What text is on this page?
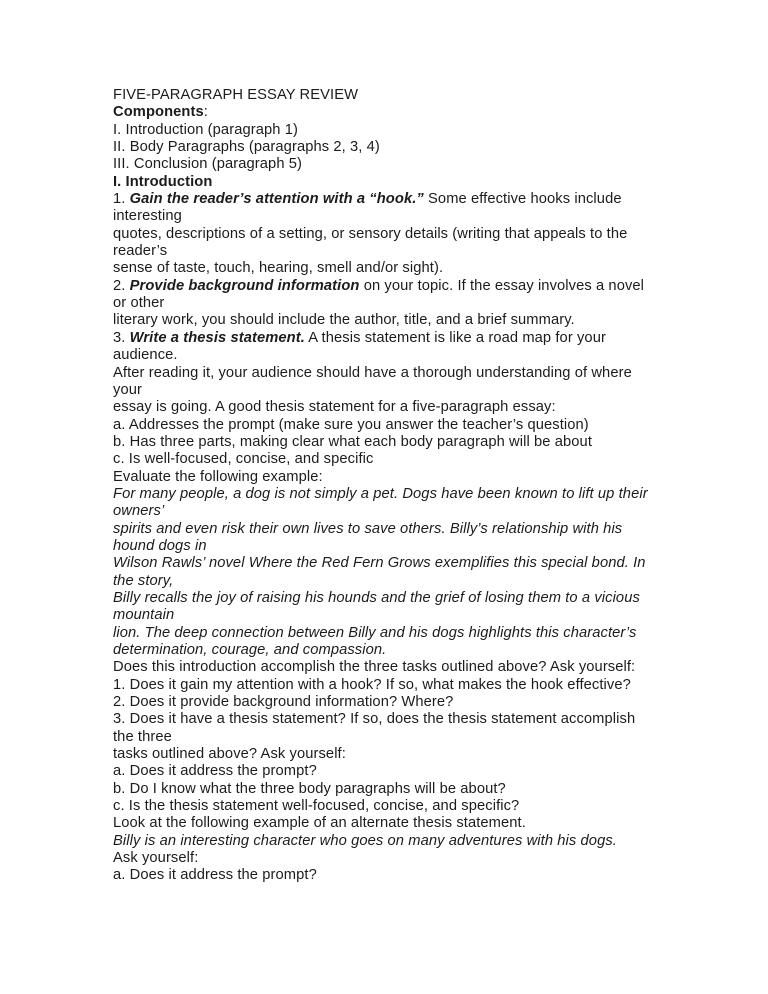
FIVE-PARAGRAPH ESSAY REVIEW
Components:
I. Introduction (paragraph 1)
II. Body Paragraphs (paragraphs 2, 3, 4)
III. Conclusion (paragraph 5)
I. Introduction
1. Gain the reader’s attention with a “hook.” Some effective hooks include
interesting
quotes, descriptions of a setting, or sensory details (writing that appeals to the
reader’s
sense of taste, touch, hearing, smell and/or sight).
2. Provide background information on your topic. If the essay involves a novel
or other
literary work, you should include the author, title, and a brief summary.
3. Write a thesis statement. A thesis statement is like a road map for your
audience.
After reading it, your audience should have a thorough understanding of where
your
essay is going. A good thesis statement for a five-paragraph essay:
a. Addresses the prompt (make sure you answer the teacher’s question)
b. Has three parts, making clear what each body paragraph will be about
c. Is well-focused, concise, and specific
Evaluate the following example:
For many people, a dog is not simply a pet. Dogs have been known to lift up their
owners’
spirits and even risk their own lives to save others. Billy’s relationship with his
hound dogs in
Wilson Rawls’ novel Where the Red Fern Grows exemplifies this special bond. In
the story,
Billy recalls the joy of raising his hounds and the grief of losing them to a vicious
mountain
lion. The deep connection between Billy and his dogs highlights this character’s
determination, courage, and compassion.
Does this introduction accomplish the three tasks outlined above? Ask yourself:
1. Does it gain my attention with a hook? If so, what makes the hook effective?
2. Does it provide background information? Where?
3. Does it have a thesis statement? If so, does the thesis statement accomplish
the three
tasks outlined above? Ask yourself:
a. Does it address the prompt?
b. Do I know what the three body paragraphs will be about?
c. Is the thesis statement well-focused, concise, and specific?
Look at the following example of an alternate thesis statement.
Billy is an interesting character who goes on many adventures with his dogs.
Ask yourself:
a. Does it address the prompt?
